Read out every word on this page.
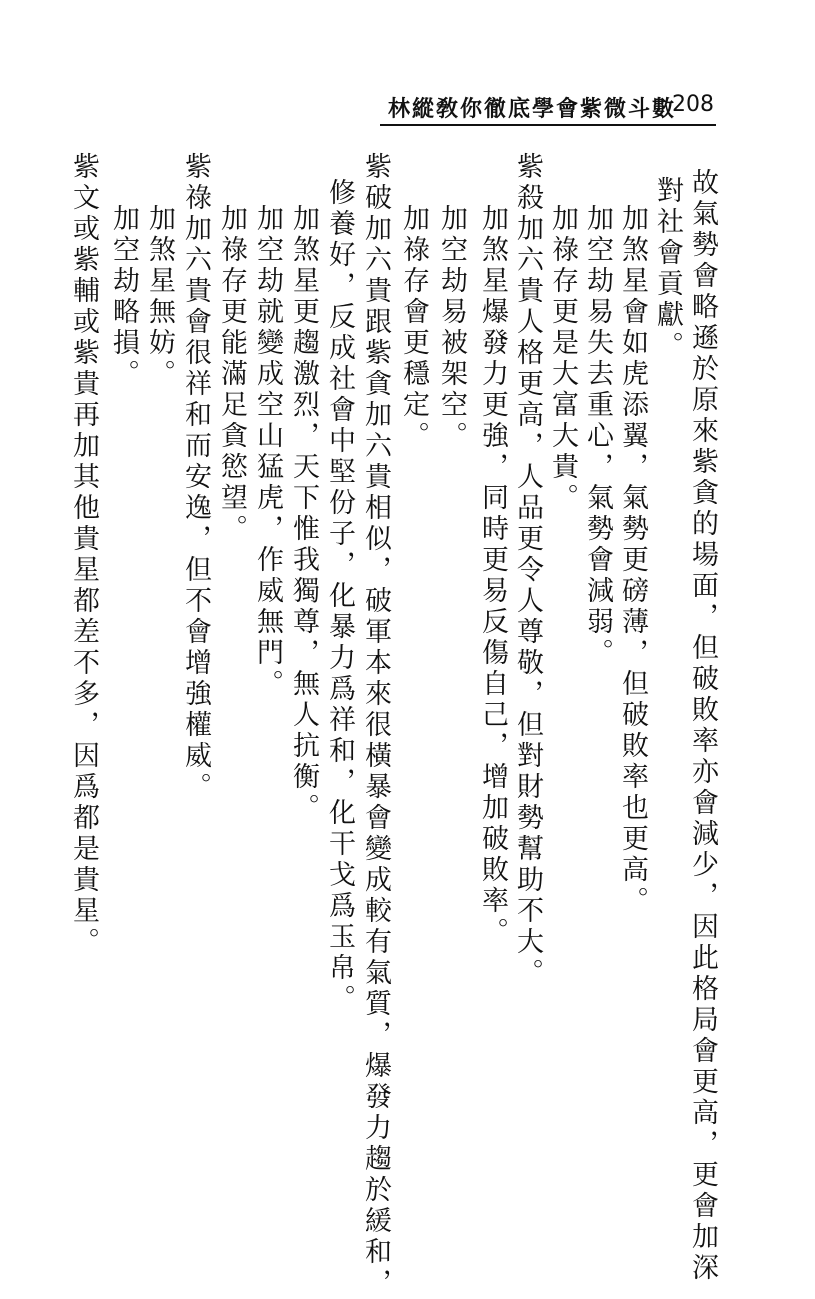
林縱敎你徹底學會紫微斗數
208
故氣勢會略遜於原來紫貪的場面，但破敗率亦會減少，因此格局會更高，更會加深
對社會貢獻。
加煞星會如虎添翼，氣勢更磅薄，但破敗率也更高。
加空劫易失去重心，氣勢會減弱。
加祿存更是大富大貴。
紫殺加六貴人格更高，人品更令人尊敬，但對財勢幫助不大。
加煞星爆發力更強，同時更易反傷自己，增加破敗率。
加空劫易被架空。
加祿存會更穩定。
紫破加六貴跟紫貪加六貴相似，破軍本來很橫暴會變成較有氣質，爆發力趨於緩和，
修養好，反成社會中堅份子，化暴力爲祥和，化干戈爲玉帛。
加煞星更趨激烈，天下惟我獨尊，無人抗衡。
加空劫就變成空山猛虎，作威無門。
加祿存更能滿足貪慾望。
紫祿加六貴會很祥和而安逸，但不會增強權威。
加煞星無妨。
加空劫略損。
紫文或紫輔或紫貴再加其他貴星都差不多，因爲都是貴星。
